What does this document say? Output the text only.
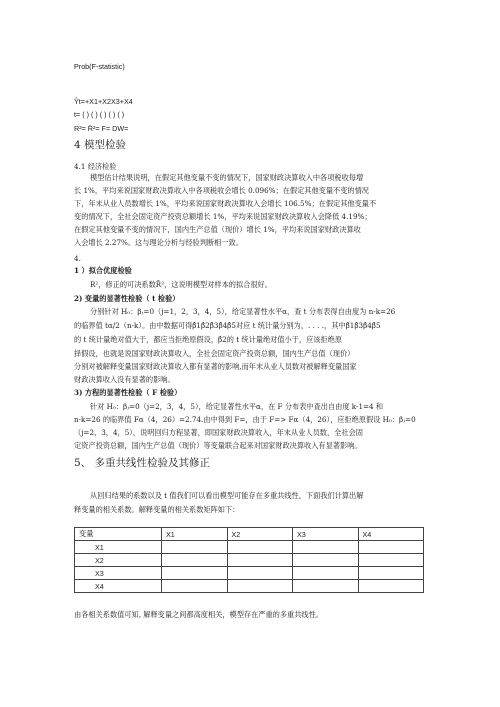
Prob(F-statistic)
Ŷt=+X1+X2X3+X4
t= ( ) ( ) ( ) ( ) ( )
R²= R̄²= F= DW=
4 模型检验
4.1 经济检验
模型估计结果说明，在假定其他变量不变的情况下，国家财政决算收入中各项税收每增
长 1%，平均来说国家财政决算收入中各项税收会增长 0.096%；在假定其他变量不变的情况
下，年末从业人员数增长 1%，平均来说国家财政决算收入会增长 106.5%；在假定其他变量不
变的情况下，全社会固定资产投资总额增长 1%，平均来说国家财政决算收入会降低 4.19%；
在假定其他变量不变的情况下，国内生产总值（现价）增长 1%，平均来说国家财政决算收
入会增长 2.27%。这与理论分析与经验判断相一致。
4.
1 ）拟合优度检验
R²，修正的可决系数R̄²，这说明模型对样本的拟合很好。
2) 变量的显著性检验（ t 检验）
分别针对 H₀：βⱼ=0（j=1，2，3，4，5），给定显著性水平α，查 t 分布表得自由度为 n-k=26
的临界值 tα/2（n-k）。由中数据可得β̂1β̂2β̂3β̂4β̂5对应 t 统计量分别为，. . . .，其中β̂1β̂3β̂4β̂5
的 t 统计量绝对值大于，都应当拒绝原假设，β̂2的 t 统计量绝对值小于，应该拒绝原
择假设，也就是说国家财政决算收入，全社会固定资产投资总额，国内生产总值（现价）
分别对被解释变量国家财政决算收入都有显著的影响,而年末从业人员数对被解释变量国家
财政决算收入没有显著的影响。
3) 方程的显著性检验（ F 检验）
针对 H₀：βⱼ=0（j=2，3，4，5），给定显著性水平α，在 F 分布表中查出自由度 k-1=4 和
n-k=26 的临界值 Fα（4，26）=2.74.由中得到 F=，由于 F=> Fα（4，26），应拒绝原假设 H₀：βⱼ=0
（j=2，3，4，5），说明回归方程显著，即国家财政决算收入，年末从业人员数，全社会固
定资产投资总额，国内生产总值（现价）等变量联合起来对国家财政决算收入有显著影响。
5、 多重共线性检验及其修正
从回归结果的系数以及 t 值我们可以看出模型可能存在多重共线性，下面我们计算出解
释变量的相关系数。解释变量的相关系数矩阵如下：
变量	X1	X2	X3	X4
X1				
X2				
X3				
X4				
由各相关系数值可知, 解释变量之间都高度相关，模型存在严重的多重共线性。
